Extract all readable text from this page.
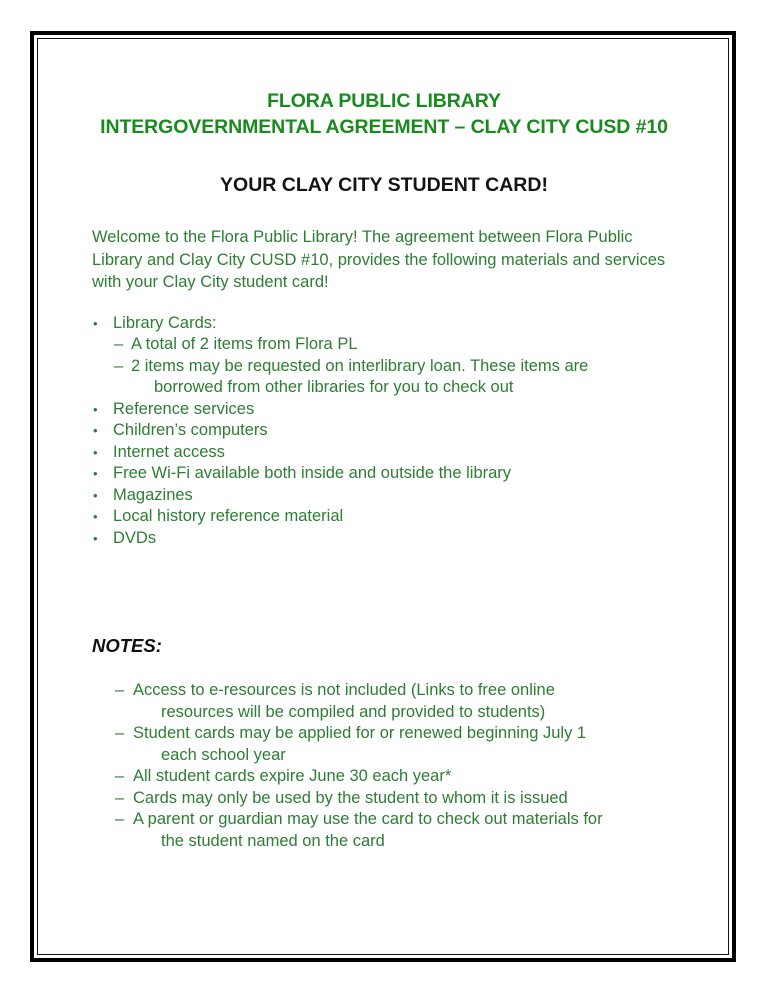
FLORA PUBLIC LIBRARY
INTERGOVERNMENTAL AGREEMENT – CLAY CITY CUSD #10
YOUR CLAY CITY STUDENT CARD!

Welcome to the Flora Public Library! The agreement between Flora Public Library and Clay City CUSD #10, provides the following materials and services with your Clay City student card!

• Library Cards:
– A total of 2 items from Flora PL
– 2 items may be requested on interlibrary loan. These items are
borrowed from other libraries for you to check out
• Reference services
• Children’s computers
• Internet access
• Free Wi-Fi available both inside and outside the library
• Magazines
• Local history reference material
• DVDs
NOTES:
– Access to e-resources is not included (Links to free online
resources will be compiled and provided to students)
– Student cards may be applied for or renewed beginning July 1
each school year
– All student cards expire June 30 each year*
– Cards may only be used by the student to whom it is issued
– A parent or guardian may use the card to check out materials for
the student named on the card
